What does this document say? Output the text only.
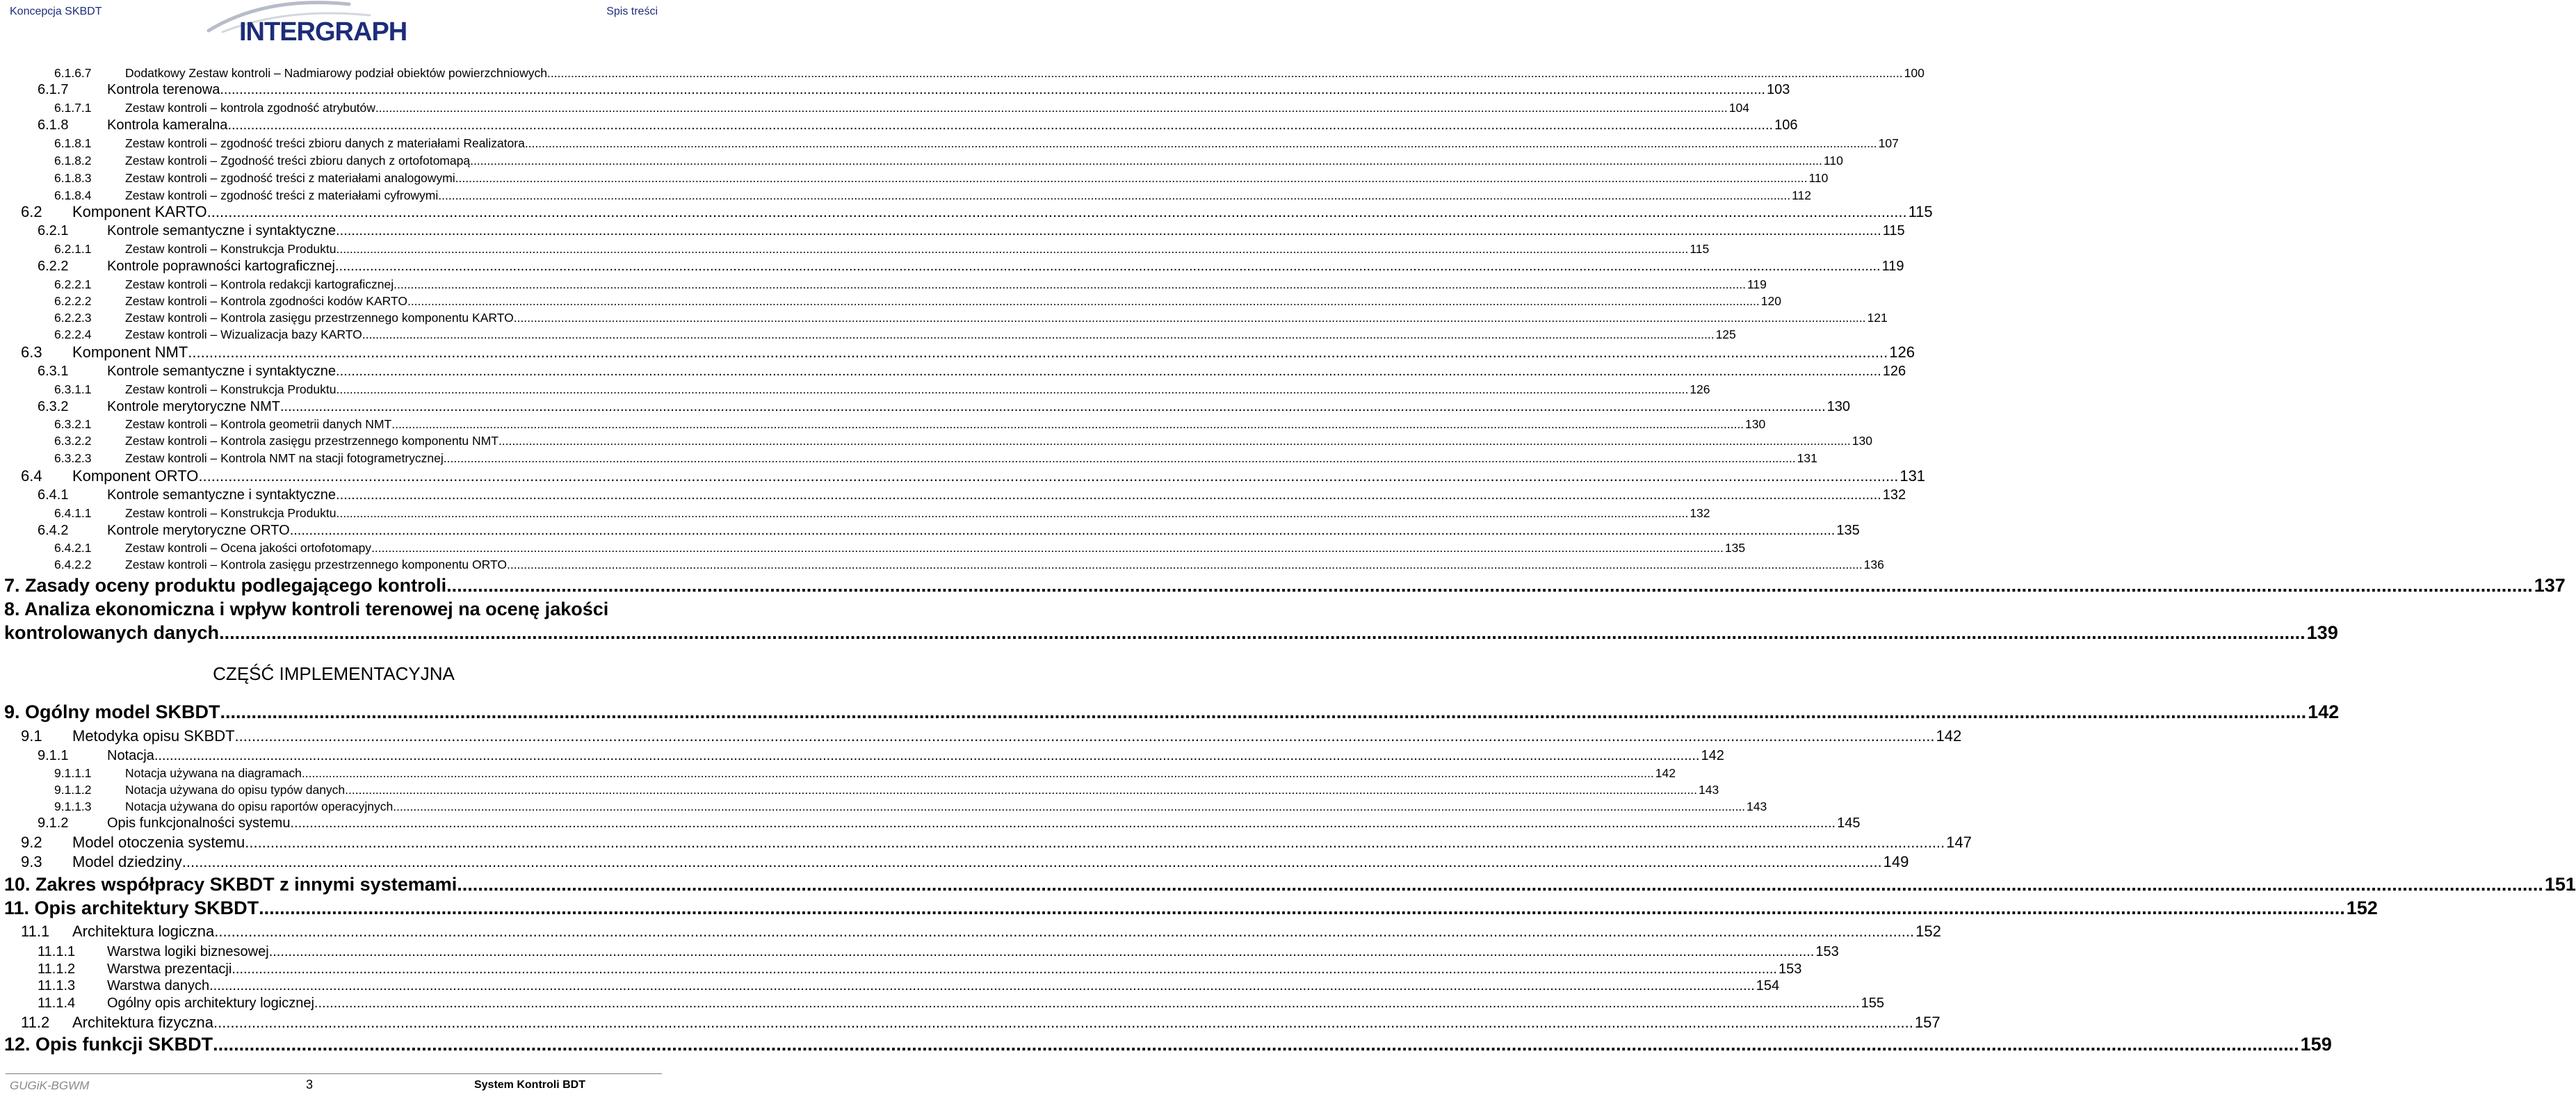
Koncepcja SKBDT
INTERGRAPH
Spis treści
6.1.6.7	Dodatkowy Zestaw kontroli – Nadmiarowy podział obiektów powierzchniowych. ................................................................................................................................................................................................................................................................................................................................................................................................................ 100
6.1.7	Kontrola terenowa ................................................................................................................................................................................................................................................................................................................................................................................................................ 103
6.1.7.1	Zestaw kontroli – kontrola zgodność atrybutów ................................................................................................................................................................................................................................................................................................................................................................................................................ 104
6.1.8	Kontrola kameralna ................................................................................................................................................................................................................................................................................................................................................................................................................ 106
6.1.8.1	Zestaw kontroli – zgodność treści zbioru danych z materiałami Realizatora ................................................................................................................................................................................................................................................................................................................................................................................................................ 107
6.1.8.2	Zestaw kontroli – Zgodność treści zbioru danych z ortofotomapą ................................................................................................................................................................................................................................................................................................................................................................................................................ 110
6.1.8.3	Zestaw kontroli – zgodność treści z materiałami analogowymi ................................................................................................................................................................................................................................................................................................................................................................................................................ 110
6.1.8.4	Zestaw kontroli – zgodność treści z materiałami cyfrowymi ................................................................................................................................................................................................................................................................................................................................................................................................................ 112
6.2 Komponent KARTO ................................................................................................................................................................................................................................................................................................................................................................................................................ 115
6.2.1	Kontrole semantyczne i syntaktyczne ................................................................................................................................................................................................................................................................................................................................................................................................................ 115
6.2.1.1	Zestaw kontroli – Konstrukcja Produktu ................................................................................................................................................................................................................................................................................................................................................................................................................ 115
6.2.2	Kontrole poprawności kartograficznej ................................................................................................................................................................................................................................................................................................................................................................................................................ 119
6.2.2.1	Zestaw kontroli – Kontrola redakcji kartograficznej ................................................................................................................................................................................................................................................................................................................................................................................................................ 119
6.2.2.2	Zestaw kontroli – Kontrola zgodności kodów KARTO ................................................................................................................................................................................................................................................................................................................................................................................................................ 120
6.2.2.3	Zestaw kontroli – Kontrola zasięgu przestrzennego komponentu KARTO ................................................................................................................................................................................................................................................................................................................................................................................................................ 121
6.2.2.4	Zestaw kontroli – Wizualizacja bazy KARTO ................................................................................................................................................................................................................................................................................................................................................................................................................ 125
6.3 Komponent NMT ................................................................................................................................................................................................................................................................................................................................................................................................................ 126
6.3.1	Kontrole semantyczne i syntaktyczne ................................................................................................................................................................................................................................................................................................................................................................................................................ 126
6.3.1.1	Zestaw kontroli – Konstrukcja Produktu ................................................................................................................................................................................................................................................................................................................................................................................................................ 126
6.3.2	Kontrole merytoryczne NMT ................................................................................................................................................................................................................................................................................................................................................................................................................ 130
6.3.2.1	Zestaw kontroli – Kontrola geometrii danych NMT ................................................................................................................................................................................................................................................................................................................................................................................................................ 130
6.3.2.2	Zestaw kontroli – Kontrola zasięgu przestrzennego komponentu NMT ................................................................................................................................................................................................................................................................................................................................................................................................................ 130
6.3.2.3	Zestaw kontroli – Kontrola NMT na stacji fotogrametrycznej ................................................................................................................................................................................................................................................................................................................................................................................................................ 131
6.4 Komponent ORTO ................................................................................................................................................................................................................................................................................................................................................................................................................ 131
6.4.1	Kontrole semantyczne i syntaktyczne ................................................................................................................................................................................................................................................................................................................................................................................................................ 132
6.4.1.1	Zestaw kontroli – Konstrukcja Produktu ................................................................................................................................................................................................................................................................................................................................................................................................................ 132
6.4.2	Kontrole merytoryczne ORTO ................................................................................................................................................................................................................................................................................................................................................................................................................ 135
6.4.2.1	Zestaw kontroli – Ocena jakości ortofotomapy ................................................................................................................................................................................................................................................................................................................................................................................................................ 135
6.4.2.2	Zestaw kontroli – Kontrola zasięgu przestrzennego komponentu ORTO. ................................................................................................................................................................................................................................................................................................................................................................................................................ 136
7. Zasady oceny produktu podlegającego kontroli ................................................................................................................................................................................................................................................................................................................................................................................................................ 137
8. Analiza ekonomiczna i wpływ kontroli terenowej na ocenę jakości
kontrolowanych danych ................................................................................................................................................................................................................................................................................................................................................................................................................ 139
CZĘŚĆ IMPLEMENTACYJNA
9. Ogólny model SKBDT ................................................................................................................................................................................................................................................................................................................................................................................................................ 142
9.1 Metodyka opisu SKBDT ................................................................................................................................................................................................................................................................................................................................................................................................................ 142
9.1.1	Notacja ................................................................................................................................................................................................................................................................................................................................................................................................................ 142
9.1.1.1	Notacja używana na diagramach ................................................................................................................................................................................................................................................................................................................................................................................................................ 142
9.1.1.2	Notacja używana do opisu typów danych ................................................................................................................................................................................................................................................................................................................................................................................................................ 143
9.1.1.3	Notacja używana do opisu raportów operacyjnych ................................................................................................................................................................................................................................................................................................................................................................................................................ 143
9.1.2	Opis funkcjonalności systemu ................................................................................................................................................................................................................................................................................................................................................................................................................ 145
9.2 Model otoczenia systemu ................................................................................................................................................................................................................................................................................................................................................................................................................ 147
9.3 Model dziedziny ................................................................................................................................................................................................................................................................................................................................................................................................................ 149
10. Zakres współpracy SKBDT z innymi systemami ................................................................................................................................................................................................................................................................................................................................................................................................................ 151
11. Opis architektury SKBDT ................................................................................................................................................................................................................................................................................................................................................................................................................ 152
11.1 Architektura logiczna ................................................................................................................................................................................................................................................................................................................................................................................................................ 152
11.1.1 Warstwa logiki biznesowej ................................................................................................................................................................................................................................................................................................................................................................................................................ 153
11.1.2 Warstwa prezentacji ................................................................................................................................................................................................................................................................................................................................................................................................................ 153
11.1.3 Warstwa danych ................................................................................................................................................................................................................................................................................................................................................................................................................ 154
11.1.4 Ogólny opis architektury logicznej ................................................................................................................................................................................................................................................................................................................................................................................................................ 155
11.2 Architektura fizyczna ................................................................................................................................................................................................................................................................................................................................................................................................................ 157
12. Opis funkcji SKBDT ................................................................................................................................................................................................................................................................................................................................................................................................................ 159
GUGiK-BGWM	3	System Kontroli BDT
